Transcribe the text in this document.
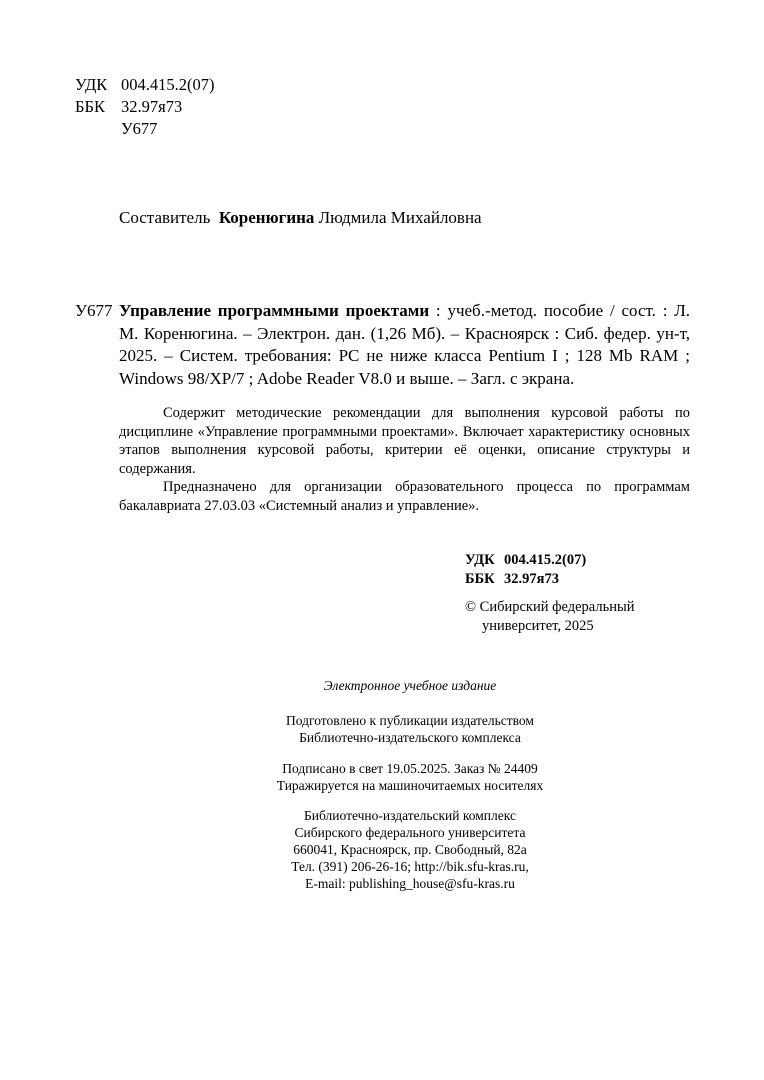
УДК 004.415.2(07)
ББК 32.97я73
У677
Составитель Коренюгина Людмила Михайловна
У677 Управление программными проектами : учеб.-метод. пособие / сост. : Л. М. Коренюгина. – Электрон. дан. (1,26 Мб). – Красноярск : Сиб. федер. ун-т, 2025. – Систем. требования: PC не ниже класса Pentium I ; 128 Mb RAM ; Windows 98/XP/7 ; Adobe Reader V8.0 и выше. – Загл. с экрана.

Содержит методические рекомендации для выполнения курсовой работы по дисциплине «Управление программными проектами». Включает характеристику основных этапов выполнения курсовой работы, критерии её оценки, описание структуры и содержания.

Предназначено для организации образовательного процесса по программам бакалавриата 27.03.03 «Системный анализ и управление».

УДК 004.415.2(07)
ББК 32.97я73
© Сибирский федеральный
университет, 2025
Электронное учебное издание
Подготовлено к публикации издательством
Библиотечно-издательского комплекса
Подписано в свет 19.05.2025. Заказ № 24409
Тиражируется на машиночитаемых носителях
Библиотечно-издательский комплекс
Сибирского федерального университета
660041, Красноярск, пр. Свободный, 82а
Тел. (391) 206-26-16; http://bik.sfu-kras.ru,
E-mail: publishing_house@sfu-kras.ru
